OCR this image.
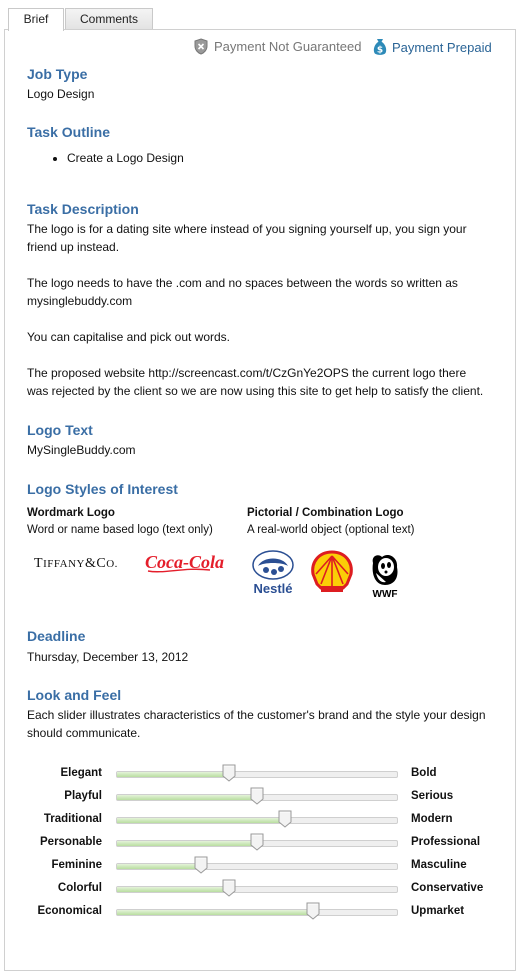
Brief	Comments
Payment Not Guaranteed $ Payment Prepaid
Job Type
Logo Design
Task Outline
• Create a Logo Design
Task Description
The logo is for a dating site where instead of you signing yourself up, you sign your friend up instead.
The logo needs to have the .com and no spaces between the words so written as mysinglebuddy.com
You can capitalise and pick out words.
The proposed website http://screencast.com/t/CzGnYe2OPS the current logo there was rejected by the client so we are now using this site to get help to satisfy the client.
Logo Text
MySingleBuddy.com
Logo Styles of Interest
Wordmark Logo
Word or name based logo (text only)
Pictorial / Combination Logo
A real-world object (optional text)
TIFFANY&CO. Coca-Cola
Nestlé	WWF
Deadline
Thursday, December 13, 2012
Look and Feel
Each slider illustrates characteristics of the customer's brand and the style your design should communicate.
Elegant	Bold
Playful	Serious
Traditional	Modern
Personable	Professional
Feminine	Masculine
Colorful	Conservative
Economical	Upmarket
